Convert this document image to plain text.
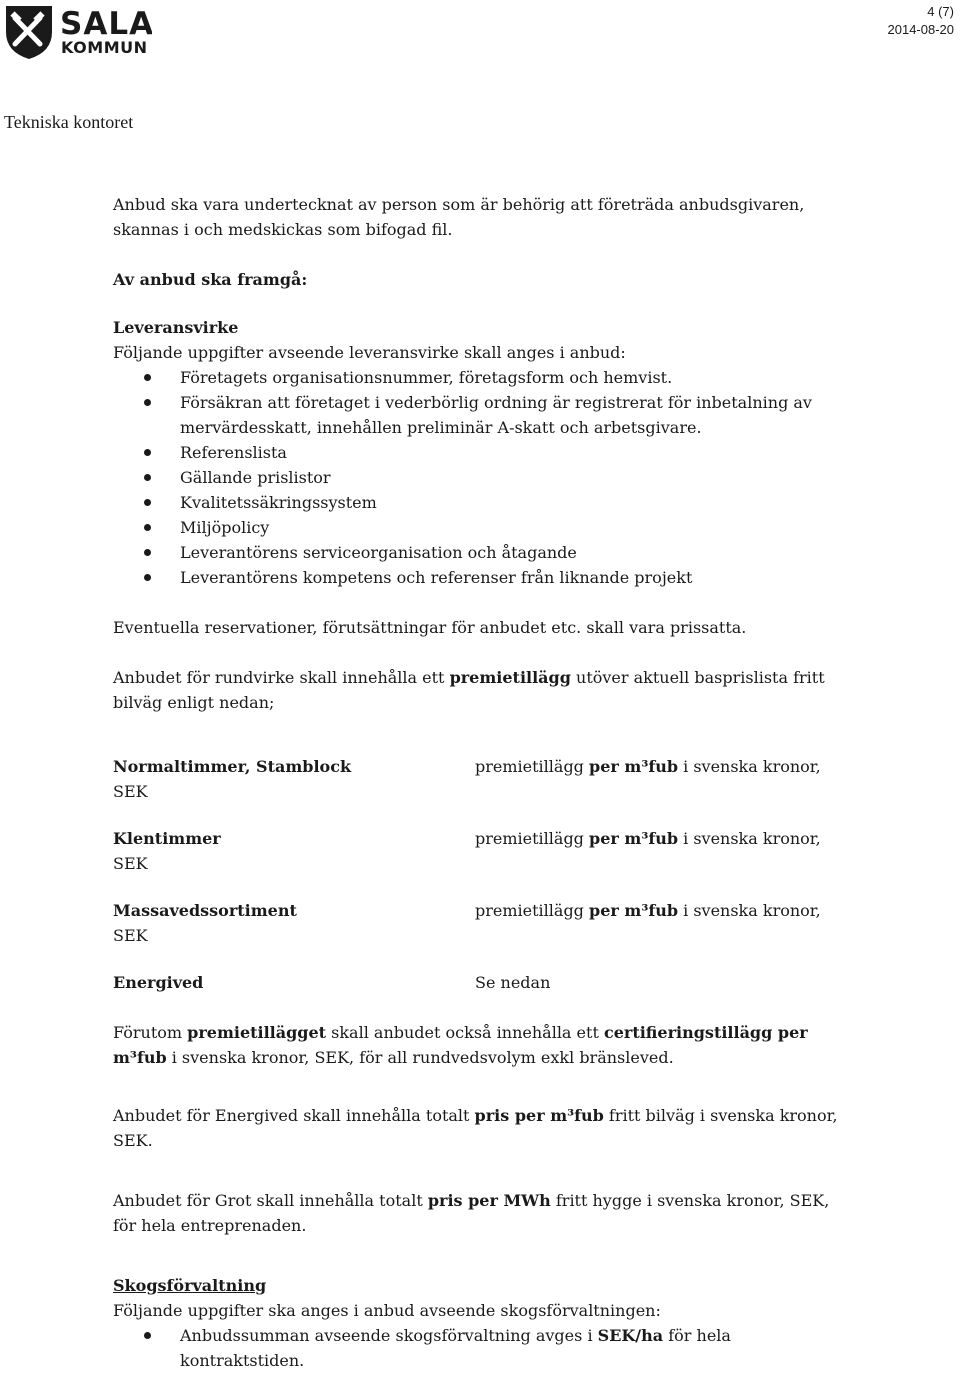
SALA
KOMMUN
4 (7)
2014-08-20
Tekniska kontoret

Anbud ska vara undertecknat av person som är behörig att företräda anbudsgivaren, skannas i och medskickas som bifogad fil.

Av anbud ska framgå:

Leveransvirke

Följande uppgifter avseende leveransvirke skall anges i anbud:

Företagets organisationsnummer, företagsform och hemvist.
Försäkran att företaget i vederbörlig ordning är registrerat för inbetalning av mervärdesskatt, innehållen preliminär A-skatt och arbetsgivare.
Referenslista
Gällande prislistor
Kvalitetssäkringssystem
Miljöpolicy
Leverantörens serviceorganisation och åtagande
Leverantörens kompetens och referenser från liknande projekt

Eventuella reservationer, förutsättningar för anbudet etc. skall vara prissatta.

Anbudet för rundvirke skall innehålla ett premietillägg utöver aktuell basprislista fritt bilväg enligt nedan;

Normaltimmer, Stamblock
SEK
premietillägg per m³fub i svenska kronor,
Klentimmer
SEK
premietillägg per m³fub i svenska kronor,
Massavedssortiment
SEK
premietillägg per m³fub i svenska kronor,
Energived	Se nedan

Förutom premietillägget skall anbudet också innehålla ett certifieringstillägg per m³fub i svenska kronor, SEK, för all rundvedsvolym exkl bränsleved.

Anbudet för Energived skall innehålla totalt pris per m³fub fritt bilväg i svenska kronor, SEK.

Anbudet för Grot skall innehålla totalt pris per MWh fritt hygge i svenska kronor, SEK, för hela entreprenaden.

Skogsförvaltning

Följande uppgifter ska anges i anbud avseende skogsförvaltningen:

Anbudssumman avseende skogsförvaltning avges i SEK/ha för hela kontraktstiden.
